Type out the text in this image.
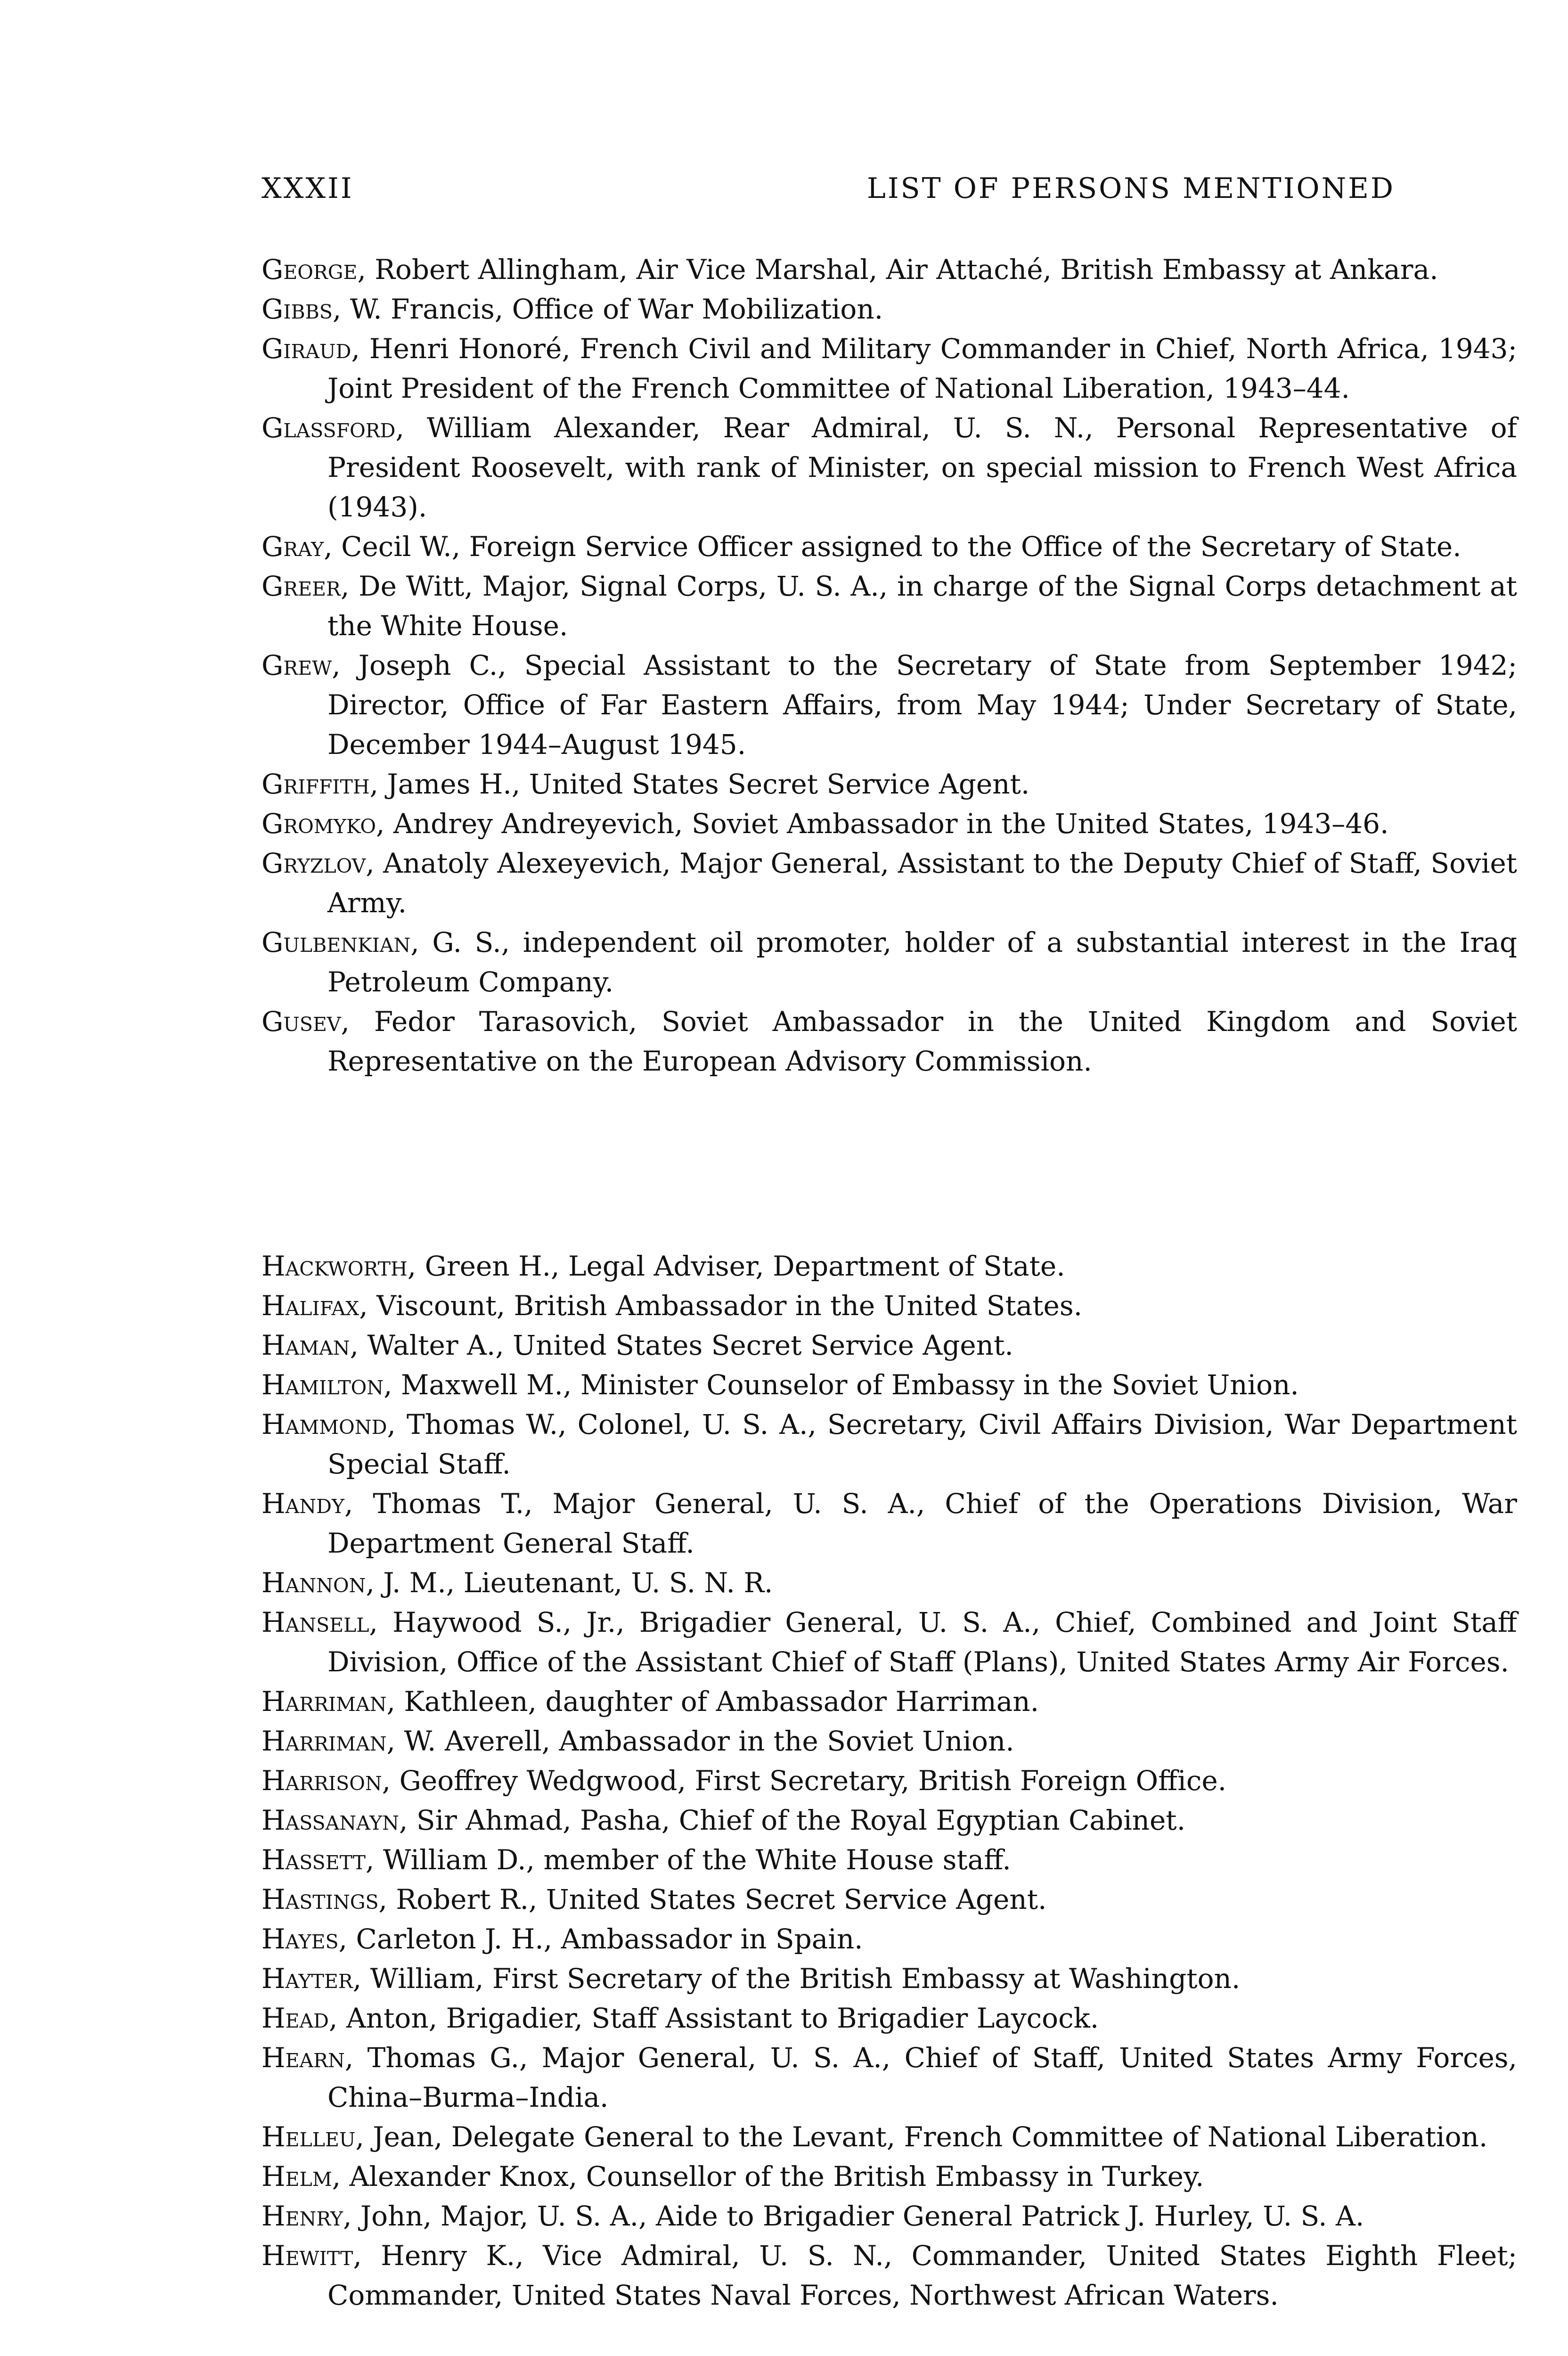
XXXII	LIST OF PERSONS MENTIONED

George, Robert Allingham, Air Vice Marshal, Air Attaché, British Embassy at Ankara.

Gibbs, W. Francis, Office of War Mobilization.

Giraud, Henri Honoré, French Civil and Military Commander in Chief, North Africa, 1943; Joint President of the French Committee of National Liberation, 1943–44.

Glassford, William Alexander, Rear Admiral, U. S. N., Personal Representative of President Roosevelt, with rank of Minister, on special mission to French West Africa (1943).

Gray, Cecil W., Foreign Service Officer assigned to the Office of the Secretary of State.

Greer, De Witt, Major, Signal Corps, U. S. A., in charge of the Signal Corps detachment at the White House.

Grew, Joseph C., Special Assistant to the Secretary of State from September 1942; Director, Office of Far Eastern Affairs, from May 1944; Under Secretary of State, December 1944–August 1945.

Griffith, James H., United States Secret Service Agent.

Gromyko, Andrey Andreyevich, Soviet Ambassador in the United States, 1943–46.

Gryzlov, Anatoly Alexeyevich, Major General, Assistant to the Deputy Chief of Staff, Soviet Army.

Gulbenkian, G. S., independent oil promoter, holder of a substantial interest in the Iraq Petroleum Company.

Gusev, Fedor Tarasovich, Soviet Ambassador in the United Kingdom and Soviet Representative on the European Advisory Commission.

Hackworth, Green H., Legal Adviser, Department of State.

Halifax, Viscount, British Ambassador in the United States.

Haman, Walter A., United States Secret Service Agent.

Hamilton, Maxwell M., Minister Counselor of Embassy in the Soviet Union.

Hammond, Thomas W., Colonel, U. S. A., Secretary, Civil Affairs Division, War Department Special Staff.

Handy, Thomas T., Major General, U. S. A., Chief of the Operations Division, War Department General Staff.

Hannon, J. M., Lieutenant, U. S. N. R.

Hansell, Haywood S., Jr., Brigadier General, U. S. A., Chief, Combined and Joint Staff Division, Office of the Assistant Chief of Staff (Plans), United States Army Air Forces.

Harriman, Kathleen, daughter of Ambassador Harriman.

Harriman, W. Averell, Ambassador in the Soviet Union.

Harrison, Geoffrey Wedgwood, First Secretary, British Foreign Office.

Hassanayn, Sir Ahmad, Pasha, Chief of the Royal Egyptian Cabinet.

Hassett, William D., member of the White House staff.

Hastings, Robert R., United States Secret Service Agent.

Hayes, Carleton J. H., Ambassador in Spain.

Hayter, William, First Secretary of the British Embassy at Washington.

Head, Anton, Brigadier, Staff Assistant to Brigadier Laycock.

Hearn, Thomas G., Major General, U. S. A., Chief of Staff, United States Army Forces, China–Burma–India.

Helleu, Jean, Delegate General to the Levant, French Committee of National Liberation.

Helm, Alexander Knox, Counsellor of the British Embassy in Turkey.

Henry, John, Major, U. S. A., Aide to Brigadier General Patrick J. Hurley, U. S. A.

Hewitt, Henry K., Vice Admiral, U. S. N., Commander, United States Eighth Fleet; Commander, United States Naval Forces, Northwest African Waters.
